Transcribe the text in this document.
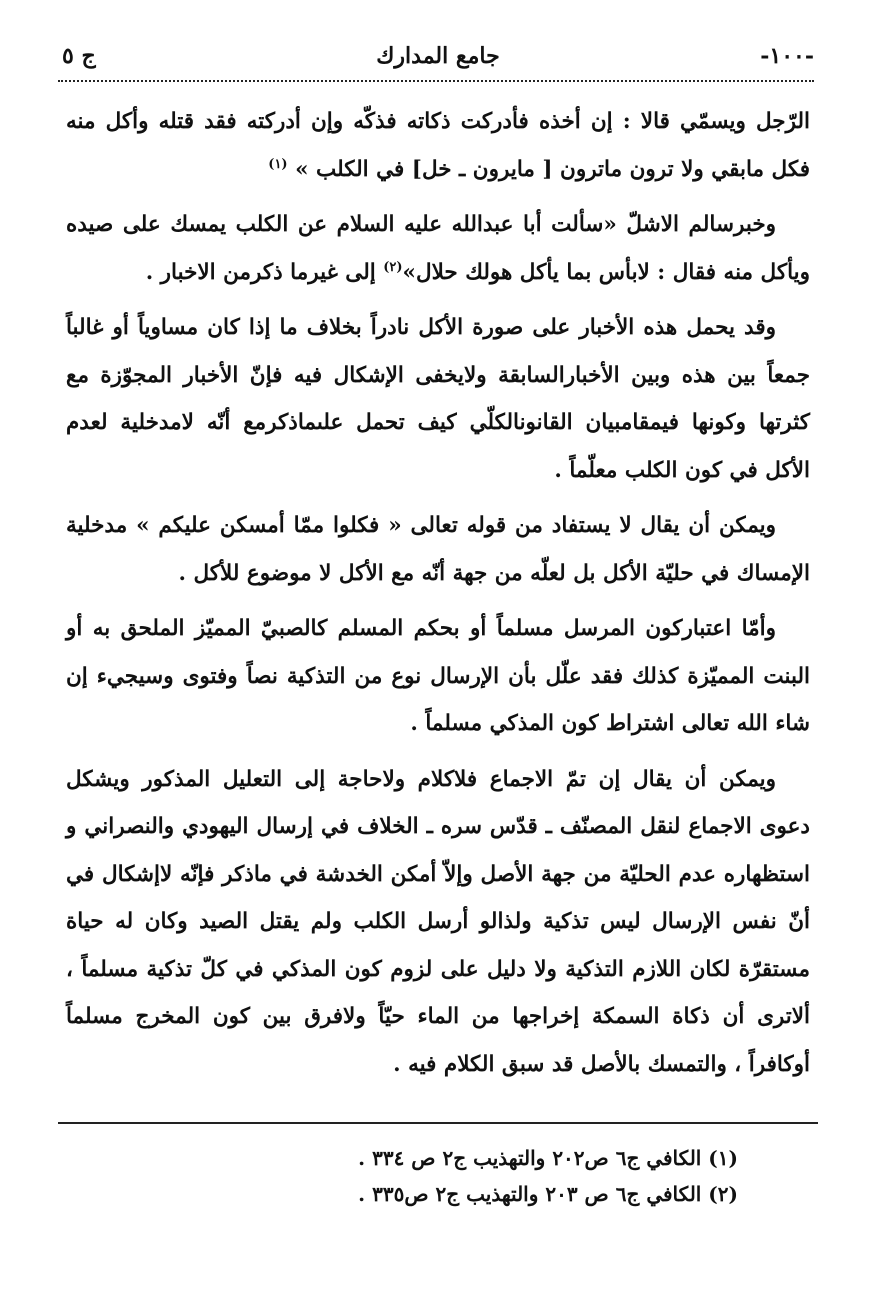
-١٠٠-
جامع المدارك
ج ٥

الرّجل ويسمّي قالا : إن أخذه فأدركت ذكاته فذكّه وإن أدركته فقد قتله وأكل منه فكل مابقي ولا ترون ماترون [ مايرون ـ خل] في الكلب » $^{(١)}$

وخبرسالم الاشلّ «سألت أبا عبدالله عليه السلام عن الكلب يمسك على صيده ويأكل منه فقال : لابأس بما يأكل هولك حلال»$^{(٢)}$ إلى غيرما ذكرمن الاخبار .

وقد يحمل هذه الأخبار على صورة الأكل نادراً بخلاف ما إذا كان مساوياً أو غالباً جمعاً بين هذه وبين الأخبارالسابقة ولايخفى الإشكال فيه فإنّ الأخبار المجوّزة مع كثرتها وكونها فيمقامبيان القانونالكلّي كيف تحمل علىماذكرمع أنّه لامدخلية لعدم الأكل في كون الكلب معلّماً .

ويمكن أن يقال لا يستفاد من قوله تعالى « فكلوا ممّا أمسكن عليكم » مدخلية الإمساك في حليّة الأكل بل لعلّه من جهة أنّه مع الأكل لا موضوع للأكل .

وأمّا اعتباركون المرسل مسلماً أو بحكم المسلم كالصبيّ المميّز الملحق به أو البنت المميّزة كذلك فقد علّل بأن الإرسال نوع من التذكية نصاً وفتوى وسيجيء إن شاء الله تعالى اشتراط كون المذكي مسلماً .

ويمكن أن يقال إن تمّ الاجماع فلاكلام ولاحاجة إلى التعليل المذكور ويشكل دعوى الاجماع لنقل المصنّف ـ قدّس سره ـ الخلاف في إرسال اليهودي والنصراني و استظهاره عدم الحليّة من جهة الأصل وإلاّ أمكن الخدشة في ماذكر فإنّه لاإشكال في أنّ نفس الإرسال ليس تذكية ولذالو أرسل الكلب ولم يقتل الصيد وكان له حياة مستقرّة لكان اللازم التذكية ولا دليل على لزوم كون المذكي في كلّ تذكية مسلماً ، ألاترى أن ذكاة السمكة إخراجها من الماء حيّاً ولافرق بين كون المخرج مسلماً أوكافراً ، والتمسك بالأصل قد سبق الكلام فيه .

(١) الكافي ج٦ ص٢٠٢ والتهذيب ج٢ ص ٣٣٤ .
(٢) الكافي ج٦ ص ٢٠٣ والتهذيب ج٢ ص٣٣٥ .
